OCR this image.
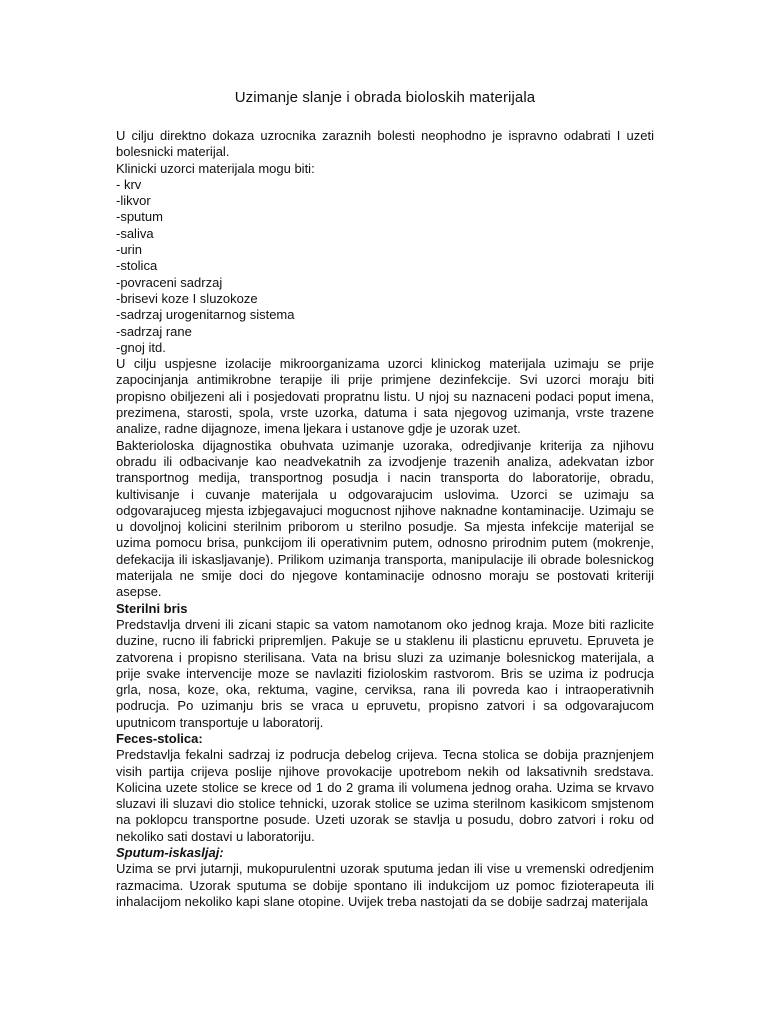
Uzimanje slanje i obrada bioloskih materijala

U cilju direktno dokaza uzrocnika zaraznih bolesti neophodno je ispravno odabrati I uzeti bolesnicki materijal.

Klinicki uzorci materijala mogu biti:

- krv

-likvor

-sputum

-saliva

-urin

-stolica

-povraceni sadrzaj

-brisevi koze I sluzokoze

-sadrzaj urogenitarnog sistema

-sadrzaj rane

-gnoj itd.

U cilju uspjesne izolacije mikroorganizama uzorci klinickog materijala uzimaju se prije zapocinjanja antimikrobne terapije ili prije primjene dezinfekcije. Svi uzorci moraju biti propisno obiljezeni ali i posjedovati propratnu listu. U njoj su naznaceni podaci poput imena, prezimena, starosti, spola, vrste uzorka, datuma i sata njegovog uzimanja, vrste trazene analize, radne dijagnoze, imena ljekara i ustanove gdje je uzorak uzet.

Bakterioloska dijagnostika obuhvata uzimanje uzoraka, odredjivanje kriterija za njihovu obradu ili odbacivanje kao neadvekatnih za izvodjenje trazenih analiza, adekvatan izbor transportnog medija, transportnog posudja i nacin transporta do laboratorije, obradu, kultivisanje i cuvanje materijala u odgovarajucim uslovima. Uzorci se uzimaju sa odgovarajuceg mjesta izbjegavajuci mogucnost njihove naknadne kontaminacije. Uzimaju se u dovoljnoj kolicini sterilnim priborom u sterilno posudje. Sa mjesta infekcije materijal se uzima pomocu brisa, punkcijom ili operativnim putem, odnosno prirodnim putem (mokrenje, defekacija ili iskasljavanje). Prilikom uzimanja transporta, manipulacije ili obrade bolesnickog materijala ne smije doci do njegove kontaminacije odnosno moraju se postovati kriteriji asepse.

Sterilni bris

Predstavlja drveni ili zicani stapic sa vatom namotanom oko jednog kraja. Moze biti razlicite duzine, rucno ili fabricki pripremljen. Pakuje se u staklenu ili plasticnu epruvetu. Epruveta je zatvorena i propisno sterilisana. Vata na brisu sluzi za uzimanje bolesnickog materijala, a prije svake intervencije moze se navlaziti fizioloskim rastvorom. Bris se uzima iz podrucja grla, nosa, koze, oka, rektuma, vagine, cerviksa, rana ili povreda kao i intraoperativnih podrucja. Po uzimanju bris se vraca u epruvetu, propisno zatvori i sa odgovarajucom uputnicom transportuje u laboratorij.

Feces-stolica:

Predstavlja fekalni sadrzaj iz podrucja debelog crijeva. Tecna stolica se dobija praznjenjem visih partija crijeva poslije njihove provokacije upotrebom nekih od laksativnih sredstava. Kolicina uzete stolice se krece od 1 do 2 grama ili volumena jednog oraha. Uzima se krvavo sluzavi ili sluzavi dio stolice tehnicki, uzorak stolice se uzima sterilnom kasikicom smjstenom na poklopcu transportne posude. Uzeti uzorak se stavlja u posudu, dobro zatvori i roku od nekoliko sati dostavi u laboratoriju.

Sputum-iskasljaj:

Uzima se prvi jutarnji, mukopurulentni uzorak sputuma jedan ili vise u vremenski odredjenim razmacima. Uzorak sputuma se dobije spontano ili indukcijom uz pomoc fizioterapeuta ili inhalacijom nekoliko kapi slane otopine. Uvijek treba nastojati da se dobije sadrzaj materijala
